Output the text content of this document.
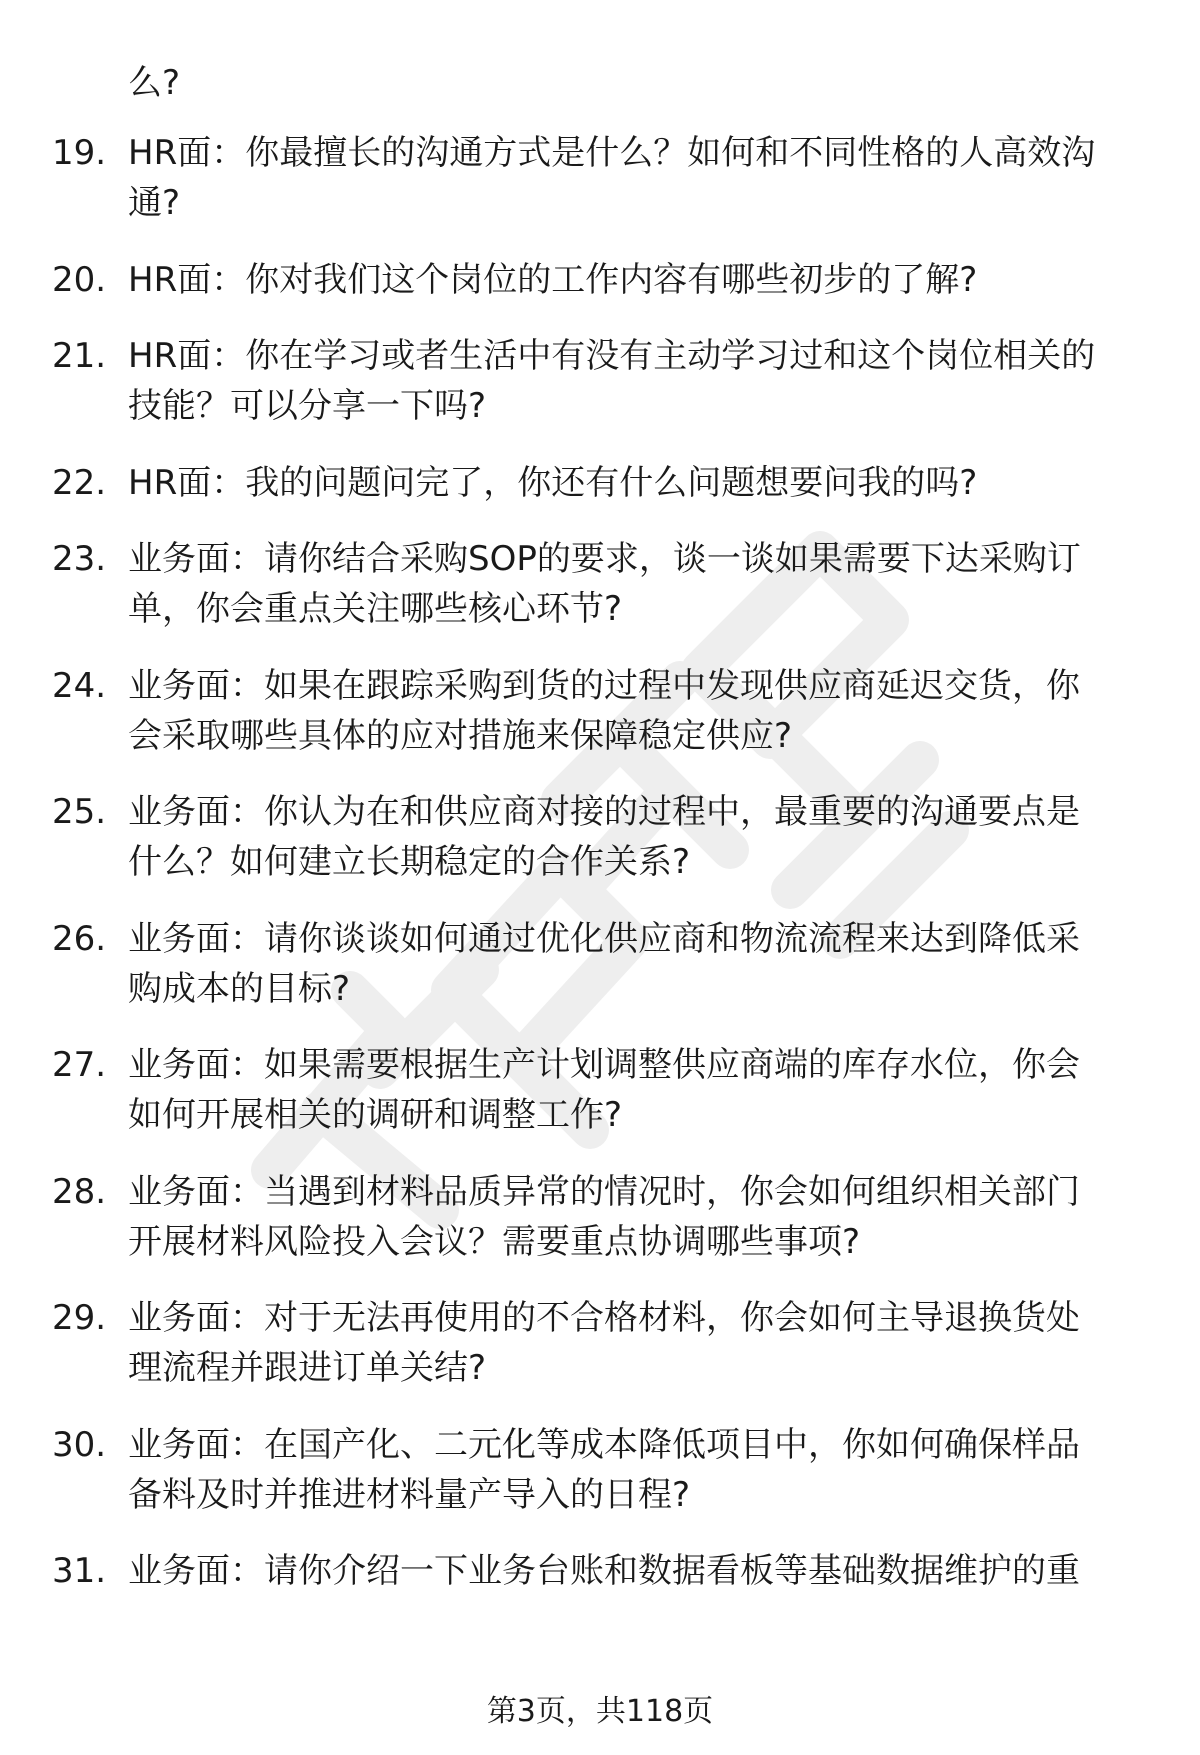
么?
19. HR面：你最擅长的沟通方式是什么？如何和不同性格的人高效沟
通?
20. HR面：你对我们这个岗位的工作内容有哪些初步的了解?
21. HR面：你在学习或者生活中有没有主动学习过和这个岗位相关的
技能？可以分享一下吗?
22. HR面：我的问题问完了，你还有什么问题想要问我的吗?
23. 业务面：请你结合采购SOP的要求，谈一谈如果需要下达采购订
单，你会重点关注哪些核心环节?
24. 业务面：如果在跟踪采购到货的过程中发现供应商延迟交货，你
会采取哪些具体的应对措施来保障稳定供应?
25. 业务面：你认为在和供应商对接的过程中，最重要的沟通要点是
什么？如何建立长期稳定的合作关系?
26. 业务面：请你谈谈如何通过优化供应商和物流流程来达到降低采
购成本的目标?
27. 业务面：如果需要根据生产计划调整供应商端的库存水位，你会
如何开展相关的调研和调整工作?
28. 业务面：当遇到材料品质异常的情况时，你会如何组织相关部门
开展材料风险投入会议？需要重点协调哪些事项?
29. 业务面：对于无法再使用的不合格材料，你会如何主导退换货处
理流程并跟进订单关结?
30. 业务面：在国产化、二元化等成本降低项目中，你如何确保样品
备料及时并推进材料量产导入的日程?
31. 业务面：请你介绍一下业务台账和数据看板等基础数据维护的重
第3页，共118页
